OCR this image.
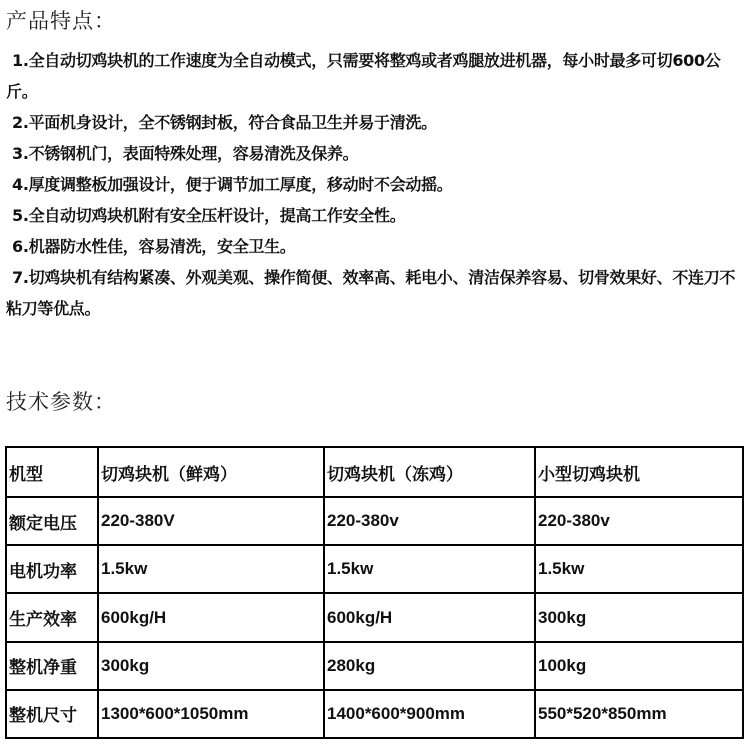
产品特点：
1.全自动切鸡块机的工作速度为全自动模式，只需要将整鸡或者鸡腿放进机器，每小时最多可切600公斤。
2.平面机身设计，全不锈钢封板，符合食品卫生并易于清洗。
3.不锈钢机门，表面特殊处理，容易清洗及保养。
4.厚度调整板加强设计，便于调节加工厚度，移动时不会动摇。
5.全自动切鸡块机附有安全压杆设计，提高工作安全性。
6.机器防水性佳，容易清洗，安全卫生。
7.切鸡块机有结构紧凑、外观美观、操作简便、效率高、耗电小、清洁保养容易、切骨效果好、不连刀不粘刀等优点。
技术参数：
机型	切鸡块机（鲜鸡）	切鸡块机（冻鸡）	小型切鸡块机
额定电压	220-380V	220-380v	220-380v
电机功率	1.5kw	1.5kw	1.5kw
生产效率	600kg/H	600kg/H	300kg
整机净重	300kg	280kg	100kg
整机尺寸	1300*600*1050mm	1400*600*900mm	550*520*850mm
